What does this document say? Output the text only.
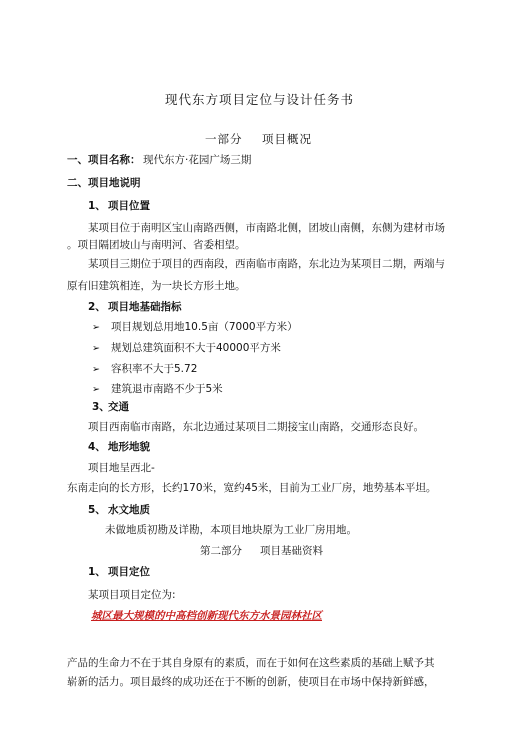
现代东方项目定位与设计任务书
一部分 项目概况
一、 项目名称： 现代东方·花园广场三期
二、 项目地说明
1、 项目位置
某项目位于南明区宝山南路西侧，市南路北侧，团坡山南侧，东侧为建材市场
。项目隔团坡山与南明河、省委相望。
某项目三期位于项目的西南段，西南临市南路，东北边为某项目二期，两端与
原有旧建筑相连，为一块长方形土地。
2、 项目地基础指标
➢ 项目规划总用地10.5亩（7000平方米）
➢ 规划总建筑面积不大于40000平方米
➢ 容积率不大于5.72
➢ 建筑退市南路不少于5米
3、
交通
项目西南临市南路，东北边通过某项目二期接宝山南路，交通形态良好。
4、 地形地貌
项目地呈西北-
东南走向的长方形，长约170米，宽约45米，目前为工业厂房，地势基本平坦。
5、 水文地质
未做地质初勘及详勘，本项目地块原为工业厂房用地。
第二部分 项目基础资料
1、 项目定位
某项目项目定位为:
城区最大规模的中高档创新现代东方水景园林社区
产品的生命力不在于其自身原有的素质，而在于如何在这些素质的基础上赋予其
崭新的活力。项目最终的成功还在于不断的创新，使项目在市场中保持新鲜感，
